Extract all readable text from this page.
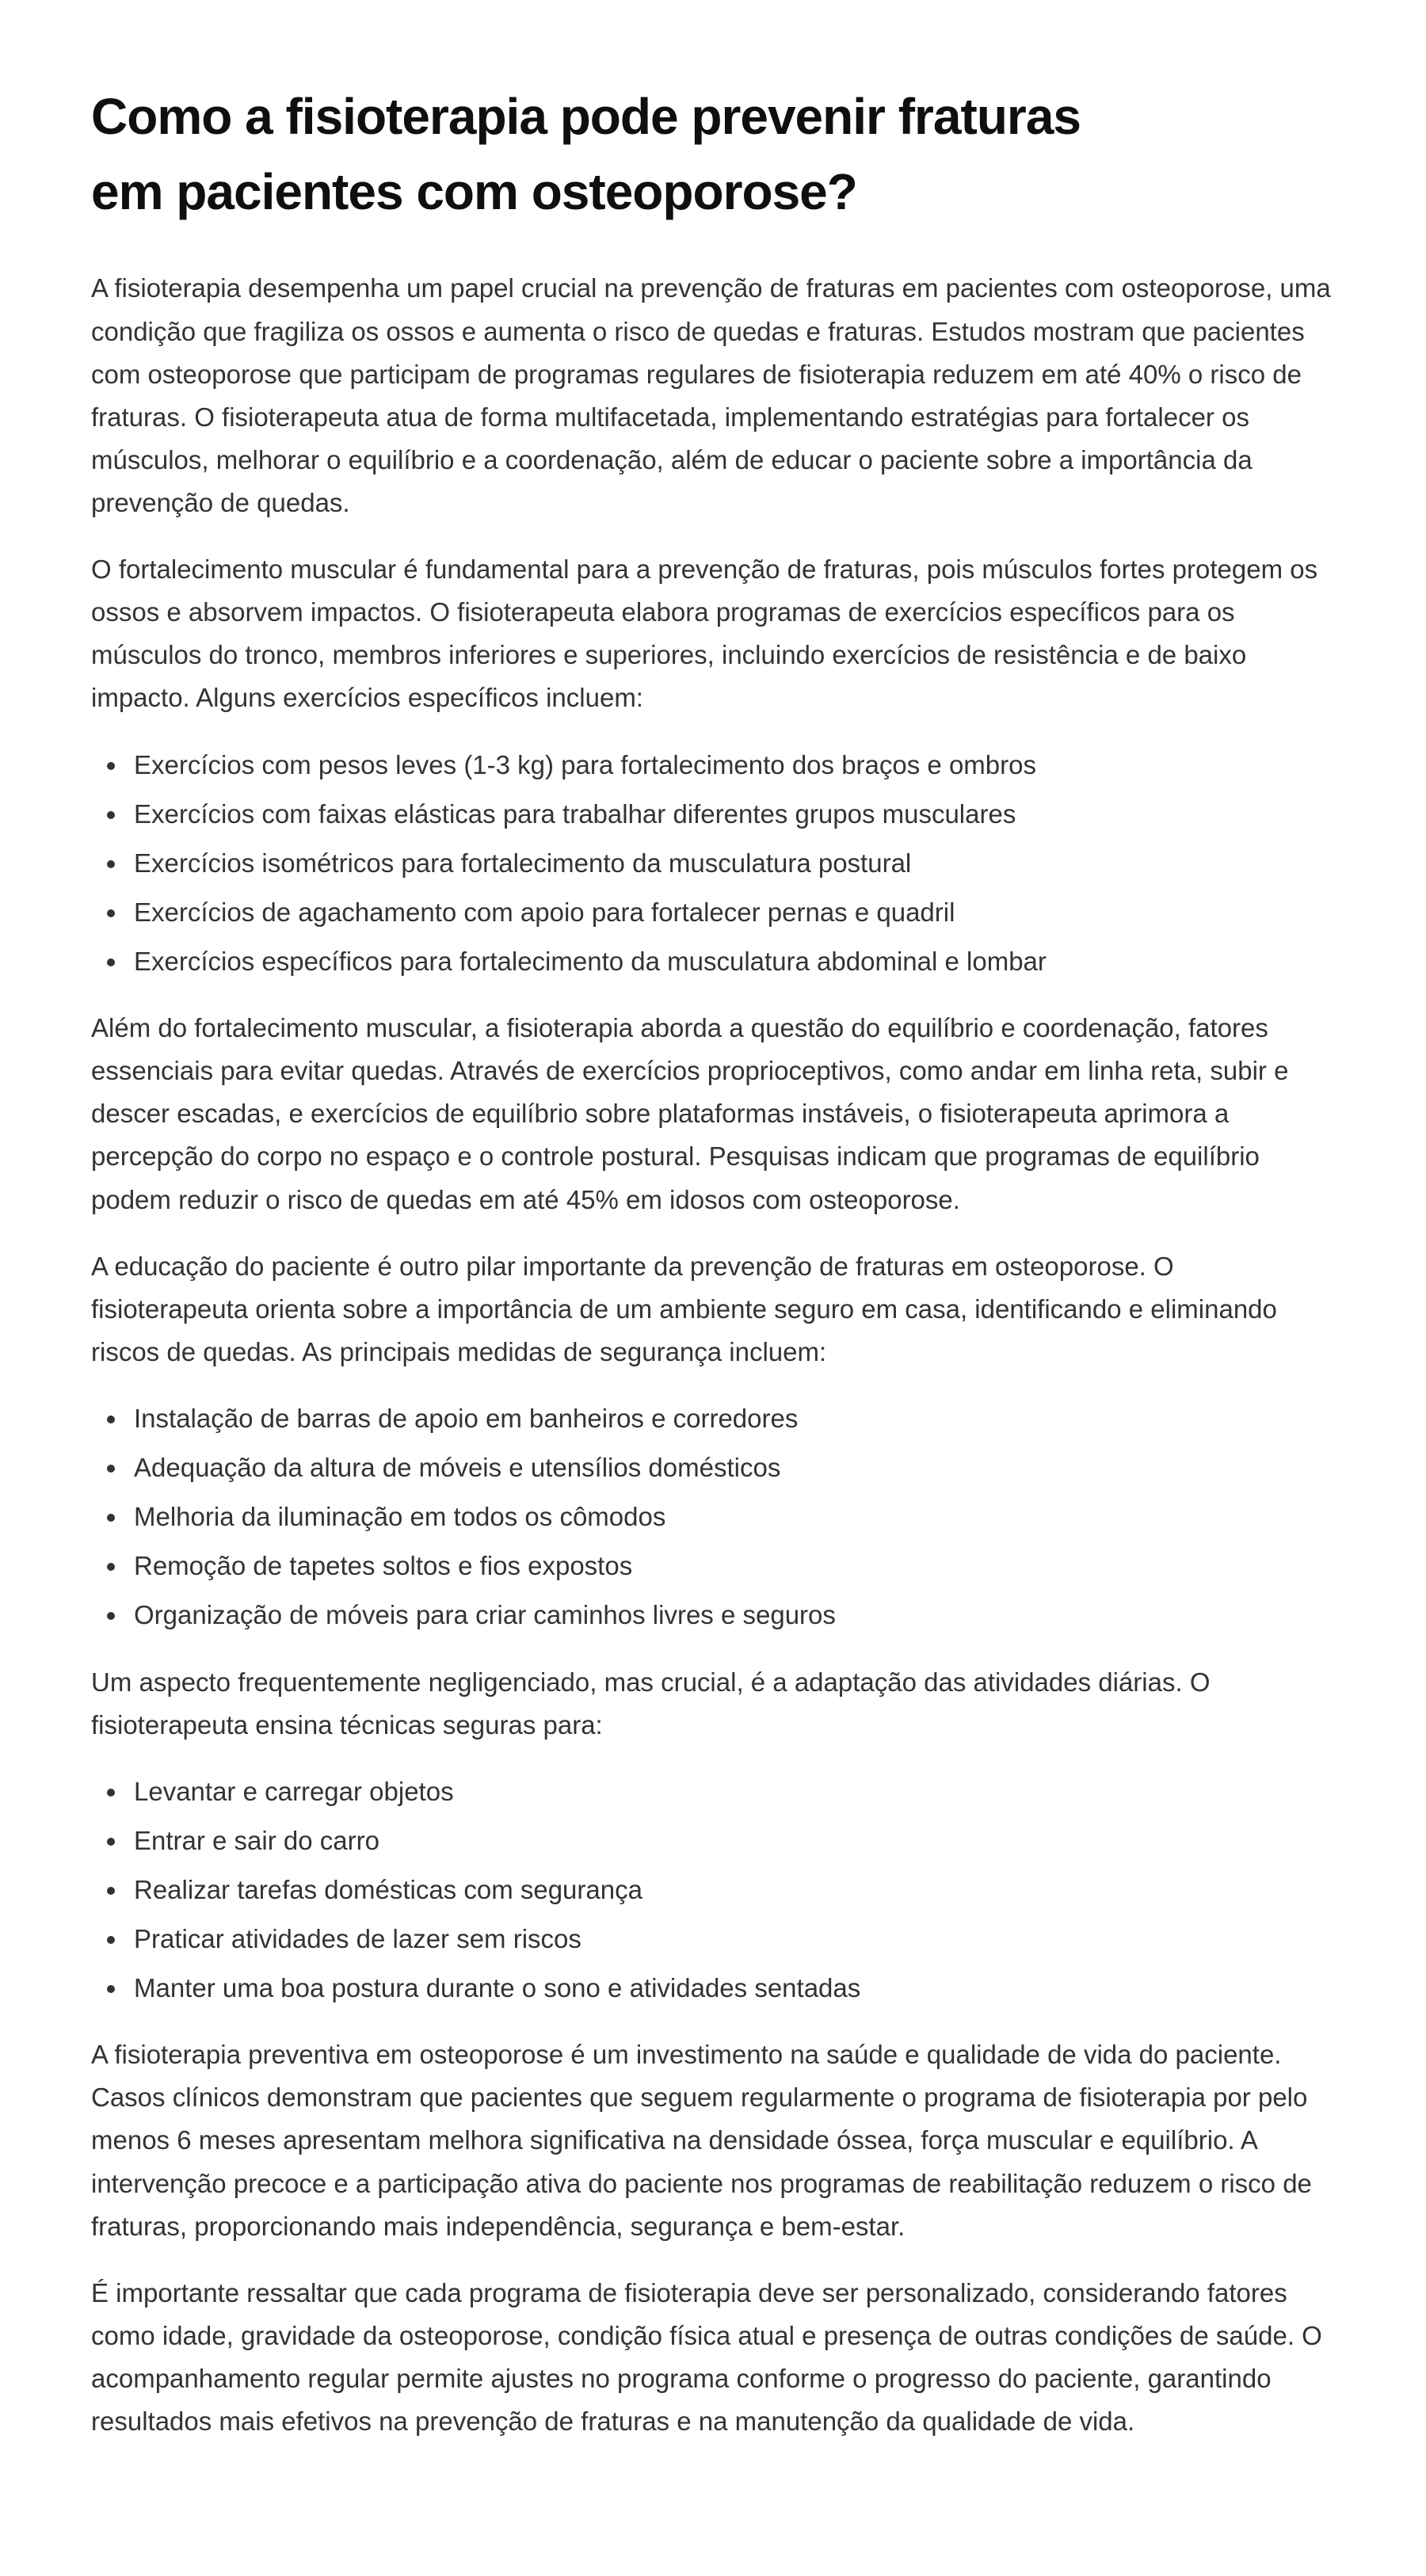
Como a fisioterapia pode prevenir fraturas em pacientes com osteoporose?

A fisioterapia desempenha um papel crucial na prevenção de fraturas em pacientes com osteoporose, uma condição que fragiliza os ossos e aumenta o risco de quedas e fraturas. Estudos mostram que pacientes com osteoporose que participam de programas regulares de fisioterapia reduzem em até 40% o risco de fraturas. O fisioterapeuta atua de forma multifacetada, implementando estratégias para fortalecer os músculos, melhorar o equilíbrio e a coordenação, além de educar o paciente sobre a importância da prevenção de quedas.

O fortalecimento muscular é fundamental para a prevenção de fraturas, pois músculos fortes protegem os ossos e absorvem impactos. O fisioterapeuta elabora programas de exercícios específicos para os músculos do tronco, membros inferiores e superiores, incluindo exercícios de resistência e de baixo impacto. Alguns exercícios específicos incluem:

• Exercícios com pesos leves (1-3 kg) para fortalecimento dos braços e ombros
• Exercícios com faixas elásticas para trabalhar diferentes grupos musculares
• Exercícios isométricos para fortalecimento da musculatura postural
• Exercícios de agachamento com apoio para fortalecer pernas e quadril
• Exercícios específicos para fortalecimento da musculatura abdominal e lombar

Além do fortalecimento muscular, a fisioterapia aborda a questão do equilíbrio e coordenação, fatores essenciais para evitar quedas. Através de exercícios proprioceptivos, como andar em linha reta, subir e descer escadas, e exercícios de equilíbrio sobre plataformas instáveis, o fisioterapeuta aprimora a percepção do corpo no espaço e o controle postural. Pesquisas indicam que programas de equilíbrio podem reduzir o risco de quedas em até 45% em idosos com osteoporose.

A educação do paciente é outro pilar importante da prevenção de fraturas em osteoporose. O fisioterapeuta orienta sobre a importância de um ambiente seguro em casa, identificando e eliminando riscos de quedas. As principais medidas de segurança incluem:

• Instalação de barras de apoio em banheiros e corredores
• Adequação da altura de móveis e utensílios domésticos
• Melhoria da iluminação em todos os cômodos
• Remoção de tapetes soltos e fios expostos
• Organização de móveis para criar caminhos livres e seguros

Um aspecto frequentemente negligenciado, mas crucial, é a adaptação das atividades diárias. O fisioterapeuta ensina técnicas seguras para:

• Levantar e carregar objetos
• Entrar e sair do carro
• Realizar tarefas domésticas com segurança
• Praticar atividades de lazer sem riscos
• Manter uma boa postura durante o sono e atividades sentadas

A fisioterapia preventiva em osteoporose é um investimento na saúde e qualidade de vida do paciente. Casos clínicos demonstram que pacientes que seguem regularmente o programa de fisioterapia por pelo menos 6 meses apresentam melhora significativa na densidade óssea, força muscular e equilíbrio. A intervenção precoce e a participação ativa do paciente nos programas de reabilitação reduzem o risco de fraturas, proporcionando mais independência, segurança e bem-estar.

É importante ressaltar que cada programa de fisioterapia deve ser personalizado, considerando fatores como idade, gravidade da osteoporose, condição física atual e presença de outras condições de saúde. O acompanhamento regular permite ajustes no programa conforme o progresso do paciente, garantindo resultados mais efetivos na prevenção de fraturas e na manutenção da qualidade de vida.
